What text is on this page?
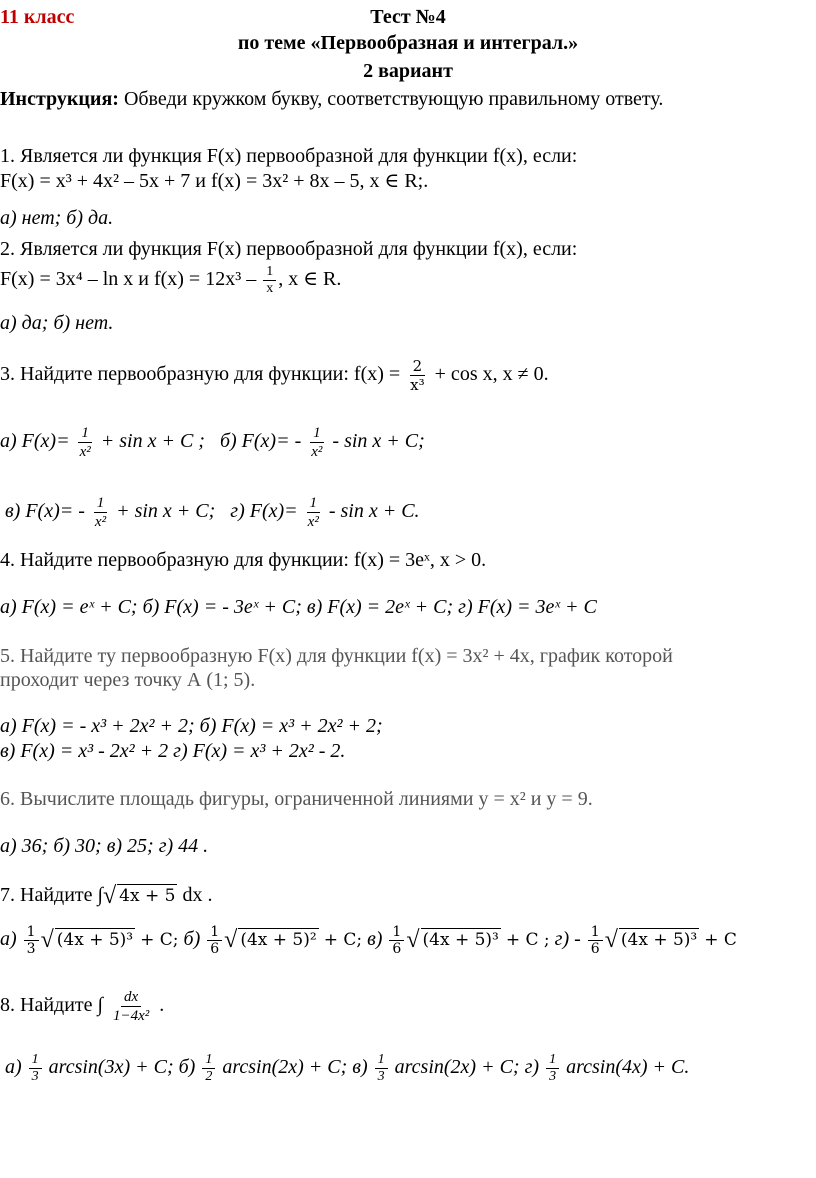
11 класс	Тест №4
по теме «Первообразная и интеграл.»
2 вариант
Инструкция: Обведи кружком букву, соответствующую правильному ответу.
1. Является ли функция F(x) первообразной для функции f(x), если:
F(x) = x³ + 4x² – 5x + 7 и f(x) = 3x² + 8x – 5, x ∈ R;.
а) нет; б) да.
2. Является ли функция F(x) первообразной для функции f(x), если:
F(x) = 3x⁴ – ln x и $f(x) = 12x^3 - \frac{1}{x}$ , x ∈ R.
а) да; б) нет.
3. Найдите первообразную для функции: $f(x) = \frac{2}{\text{x³}} + \cos x$, x ≠ 0.
а) $F(x)= \frac{1}{\text{x²}} + \sin x + C$ ; б) $F(x)= - \frac{1}{\text{x²}} - \sin x + C$;
в) $F(x)= - \frac{1}{\text{x²}} + \sin x + C$; г) $F(x)= \frac{1}{\text{x²}} - \sin x + C$.
4. Найдите первообразную для функции: f(x) = 3eˣ, x > 0.
а) F(x) = eˣ + C; б) F(x) = - 3eˣ + C; в) F(x) = 2eˣ + C; г) F(x) = 3eˣ + C
5. Найдите ту первообразную F(x) для функции f(x) = 3x² + 4x, график которой
проходит через точку А (1; 5).
а) F(x) = - x³ + 2x² + 2; б) F(x) = x³ + 2x² + 2;
в) F(x) = x³ - 2x² + 2 г) F(x) = x³ + 2x² - 2.
6. Вычислите площадь фигуры, ограниченной линиями y = x² и y = 9.
а) 36; б) 30; в) 25; г) 44 .
7. Найдите ∫√ 4x + 5 dx .
$а) \frac{1}{3}$ √ (4x + 5)³ + C; $б) \frac{1}{6}$ √ (4x + 5)² + C; $в) \frac{1}{6}$ √ (4x + 5)³ + C ; $г) - \frac{1}{6}$ √ (4x + 5)³ + C
8. Найдите ∫ $\frac{dx}{\text{1−4x²}}$ .
$а) \frac{1}{3} \arcsin(3x) + C$; $б) \frac{1}{2} \arcsin(2x) + C$; $в) \frac{1}{3} \arcsin(2x) + C$; $г) \frac{1}{3} \arcsin(4x) + C$.
